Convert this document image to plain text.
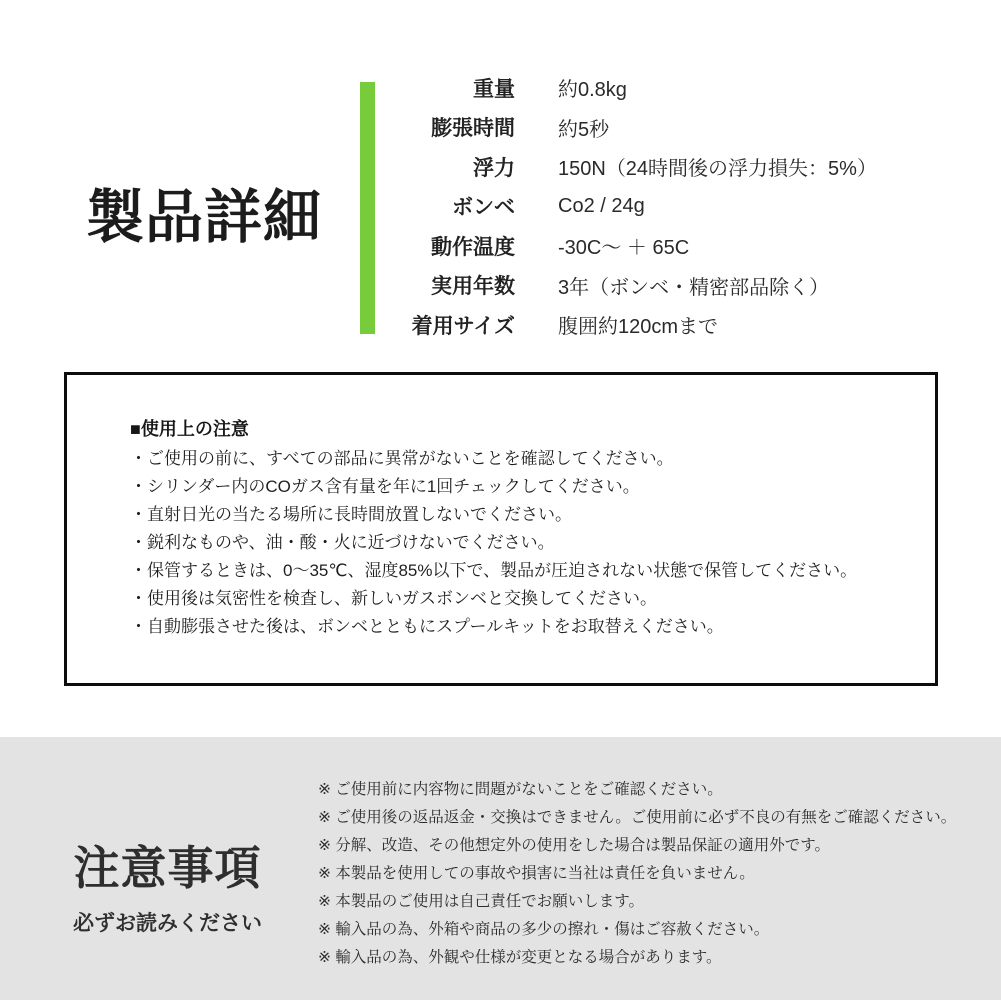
製品詳細
重量 約0.8kg
膨張時間 約5秒
浮力 150N（24時間後の浮力損失：5%）
ボンベ Co2 / 24g
動作温度 -30C〜 ＋ 65C
実用年数 3年（ボンベ・精密部品除く）
着用サイズ 腹囲約120cmまで
■使用上の注意
・ご使用の前に、すべての部品に異常がないことを確認してください。
・シリンダー内のCOガス含有量を年に1回チェックしてください。
・直射日光の当たる場所に長時間放置しないでください。
・鋭利なものや、油・酸・火に近づけないでください。
・保管するときは、0〜35℃、湿度85%以下で、製品が圧迫されない状態で保管してください。
・使用後は気密性を検査し、新しいガスボンベと交換してください。
・自動膨張させた後は、ボンベとともにスプールキットをお取替えください。
注意事項
必ずお読みください
※ ご使用前に内容物に問題がないことをご確認ください。
※ ご使用後の返品返金・交換はできません。ご使用前に必ず不良の有無をご確認ください。
※ 分解、改造、その他想定外の使用をした場合は製品保証の適用外です。
※ 本製品を使用しての事故や損害に当社は責任を負いません。
※ 本製品のご使用は自己責任でお願いします。
※ 輸入品の為、外箱や商品の多少の擦れ・傷はご容赦ください。
※ 輸入品の為、外観や仕様が変更となる場合があります。
